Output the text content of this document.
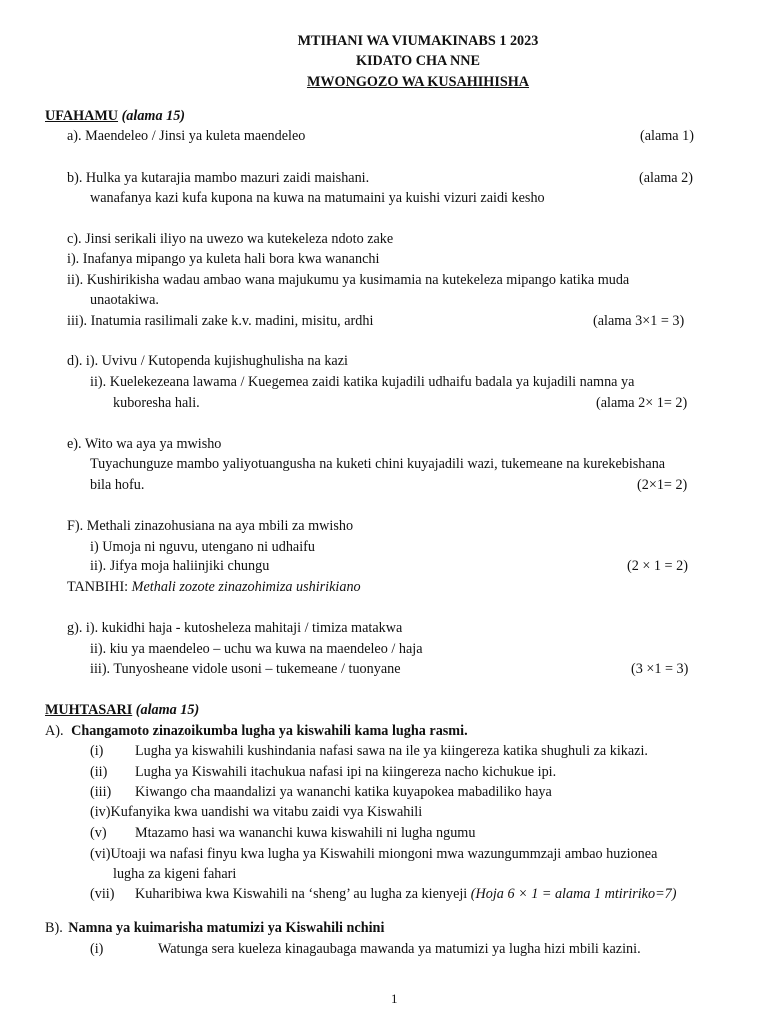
MTIHANI WA VIUMAKINABS 1 2023
KIDATO CHA NNE
MWONGOZO WA KUSAHIHISHA
UFAHAMU (alama 15)
a). Maendeleo / Jinsi ya kuleta maendeleo	(alama 1)
b). Hulka ya kutarajia mambo mazuri zaidi maishani.	(alama 2)
wanafanya kazi kufa kupona na kuwa na matumaini ya kuishi vizuri zaidi kesho
c). Jinsi serikali iliyo na uwezo wa kutekeleza ndoto zake
i). Inafanya mipango ya kuleta hali bora kwa wananchi
ii). Kushirikisha wadau ambao wana majukumu ya kusimamia na kutekeleza mipango katika muda
unaotakiwa.
iii). Inatumia rasilimali zake k.v. madini, misitu, ardhi	(alama 3×1 = 3)
d). i). Uvivu / Kutopenda kujishughulisha na kazi
ii). Kuelekezeana lawama / Kuegemea zaidi katika kujadili udhaifu badala ya kujadili namna ya
kuboresha hali.	(alama 2× 1= 2)
e). Wito wa aya ya mwisho
Tuyachunguze mambo yaliyotuangusha na kuketi chini kuyajadili wazi, tukemeane na kurekebishana
bila hofu.	(2×1= 2)
F). Methali zinazohusiana na aya mbili za mwisho
i) Umoja ni nguvu, utengano ni udhaifu
ii). Jifya moja haliinjiki chungu	(2 × 1 = 2)
TANBIHI: Methali zozote zinazohimiza ushirikiano
g). i). kukidhi haja - kutosheleza mahitaji / timiza matakwa
ii). kiu ya maendeleo – uchu wa kuwa na maendeleo / haja
iii). Tunyosheane vidole usoni – tukemeane / tuonyane	(3 ×1 = 3)
MUHTASARI (alama 15)
A). Changamoto zinazoikumba lugha ya kiswahili kama lugha rasmi.
(i) Lugha ya kiswahili kushindania nafasi sawa na ile ya kiingereza katika shughuli za kikazi.
(ii) Lugha ya Kiswahili itachukua nafasi ipi na kiingereza nacho kichukue ipi.
(iii) Kiwango cha maandalizi ya wananchi katika kuyapokea mabadiliko haya
(iv)Kufanyika kwa uandishi wa vitabu zaidi vya Kiswahili
(v) Mtazamo hasi wa wananchi kuwa kiswahili ni lugha ngumu
(vi)Utoaji wa nafasi finyu kwa lugha ya Kiswahili miongoni mwa wazungummzaji ambao huzionea
lugha za kigeni fahari
(vii) Kuharibiwa kwa Kiswahili na ‘sheng’ au lugha za kienyeji (Hoja 6 × 1 = alama 1 mtiririko=7)
B). Namna ya kuimarisha matumizi ya Kiswahili nchini
(i)	Watunga sera kueleza kinagaubaga mawanda ya matumizi ya lugha hizi mbili kazini.
1
